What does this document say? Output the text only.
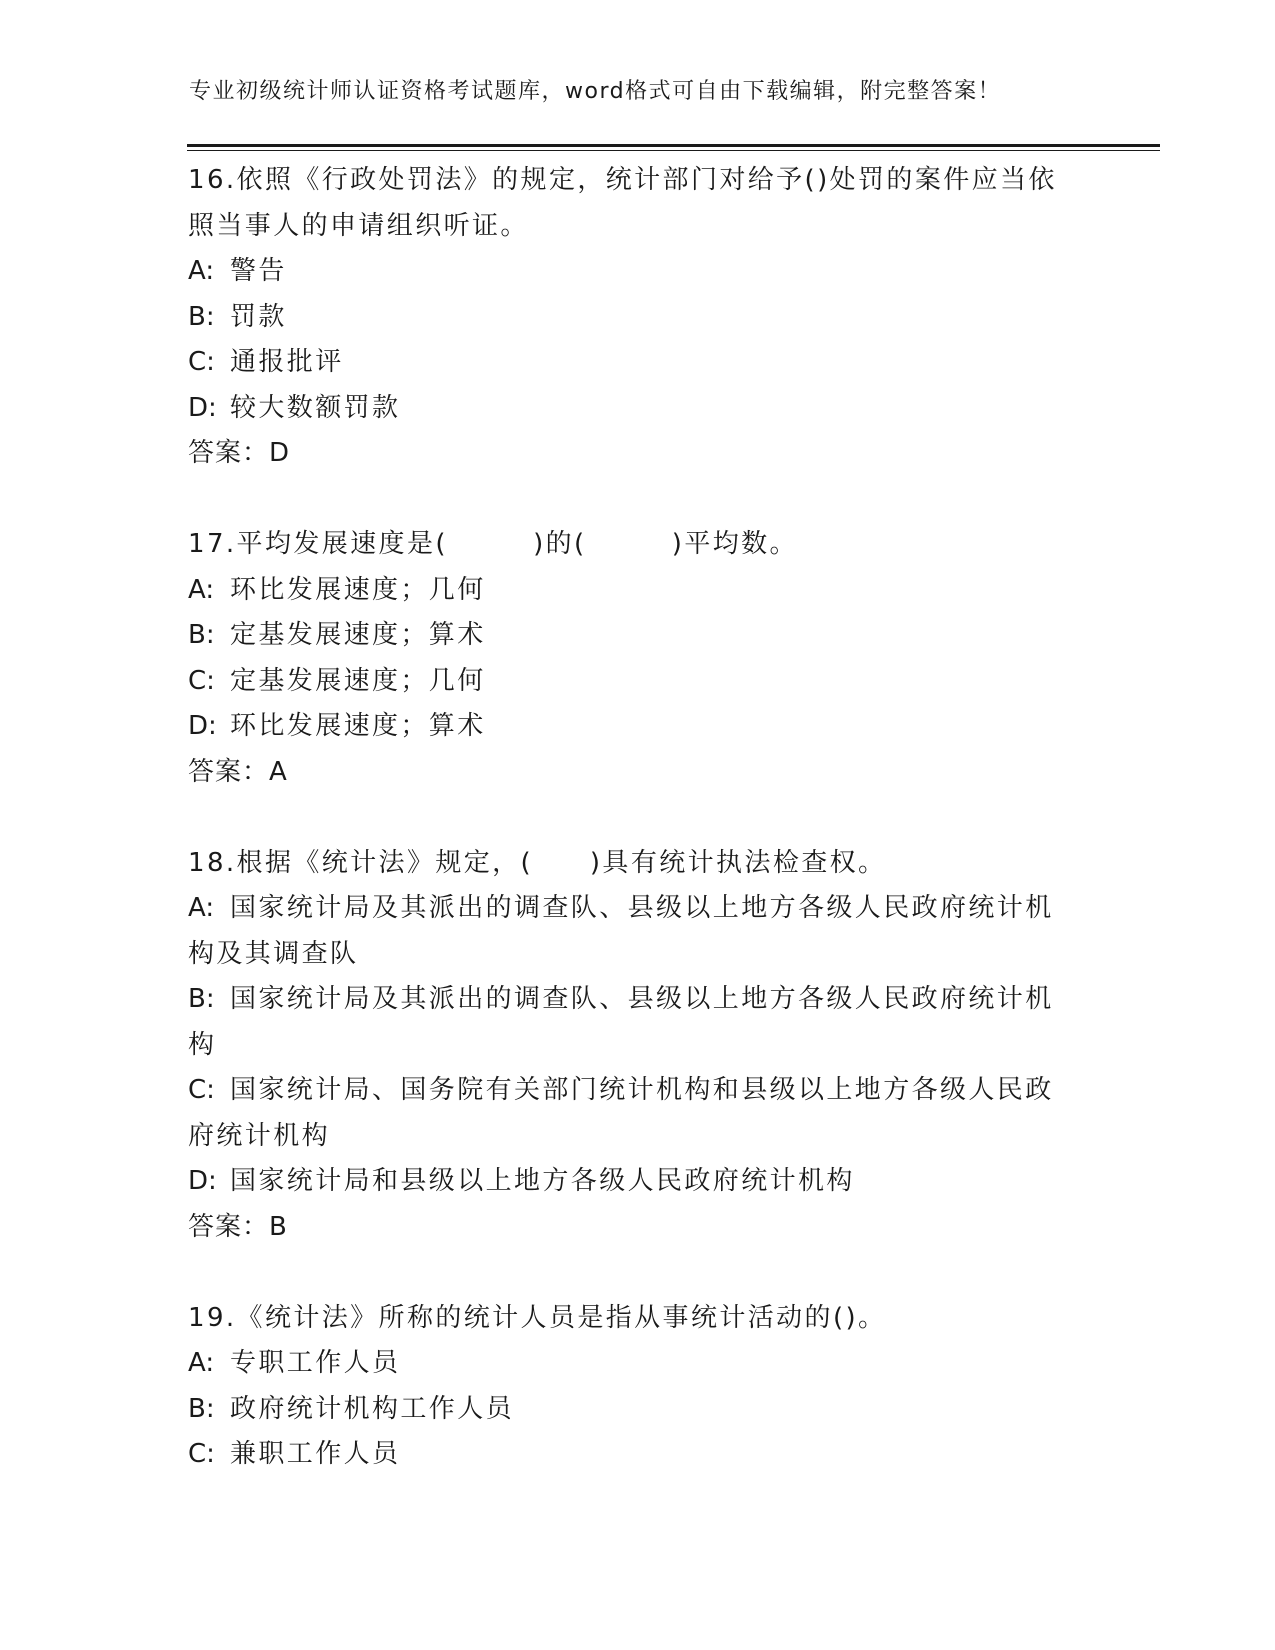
专业初级统计师认证资格考试题库，word格式可自由下载编辑，附完整答案！
16.依照《行政处罚法》的规定，统计部门对给予()处罚的案件应当依
照当事人的申请组织听证。
A: 警告
B: 罚款
C: 通报批评
D: 较大数额罚款
答案：D
17.平均发展速度是(　　　)的(　　　)平均数。
A: 环比发展速度；几何
B: 定基发展速度；算术
C: 定基发展速度；几何
D: 环比发展速度；算术
答案：A
18.根据《统计法》规定，(　　)具有统计执法检查权。
A: 国家统计局及其派出的调查队、县级以上地方各级人民政府统计机
构及其调查队
B: 国家统计局及其派出的调查队、县级以上地方各级人民政府统计机
构
C: 国家统计局、国务院有关部门统计机构和县级以上地方各级人民政
府统计机构
D: 国家统计局和县级以上地方各级人民政府统计机构
答案：B
19.《统计法》所称的统计人员是指从事统计活动的()。
A: 专职工作人员
B: 政府统计机构工作人员
C: 兼职工作人员
